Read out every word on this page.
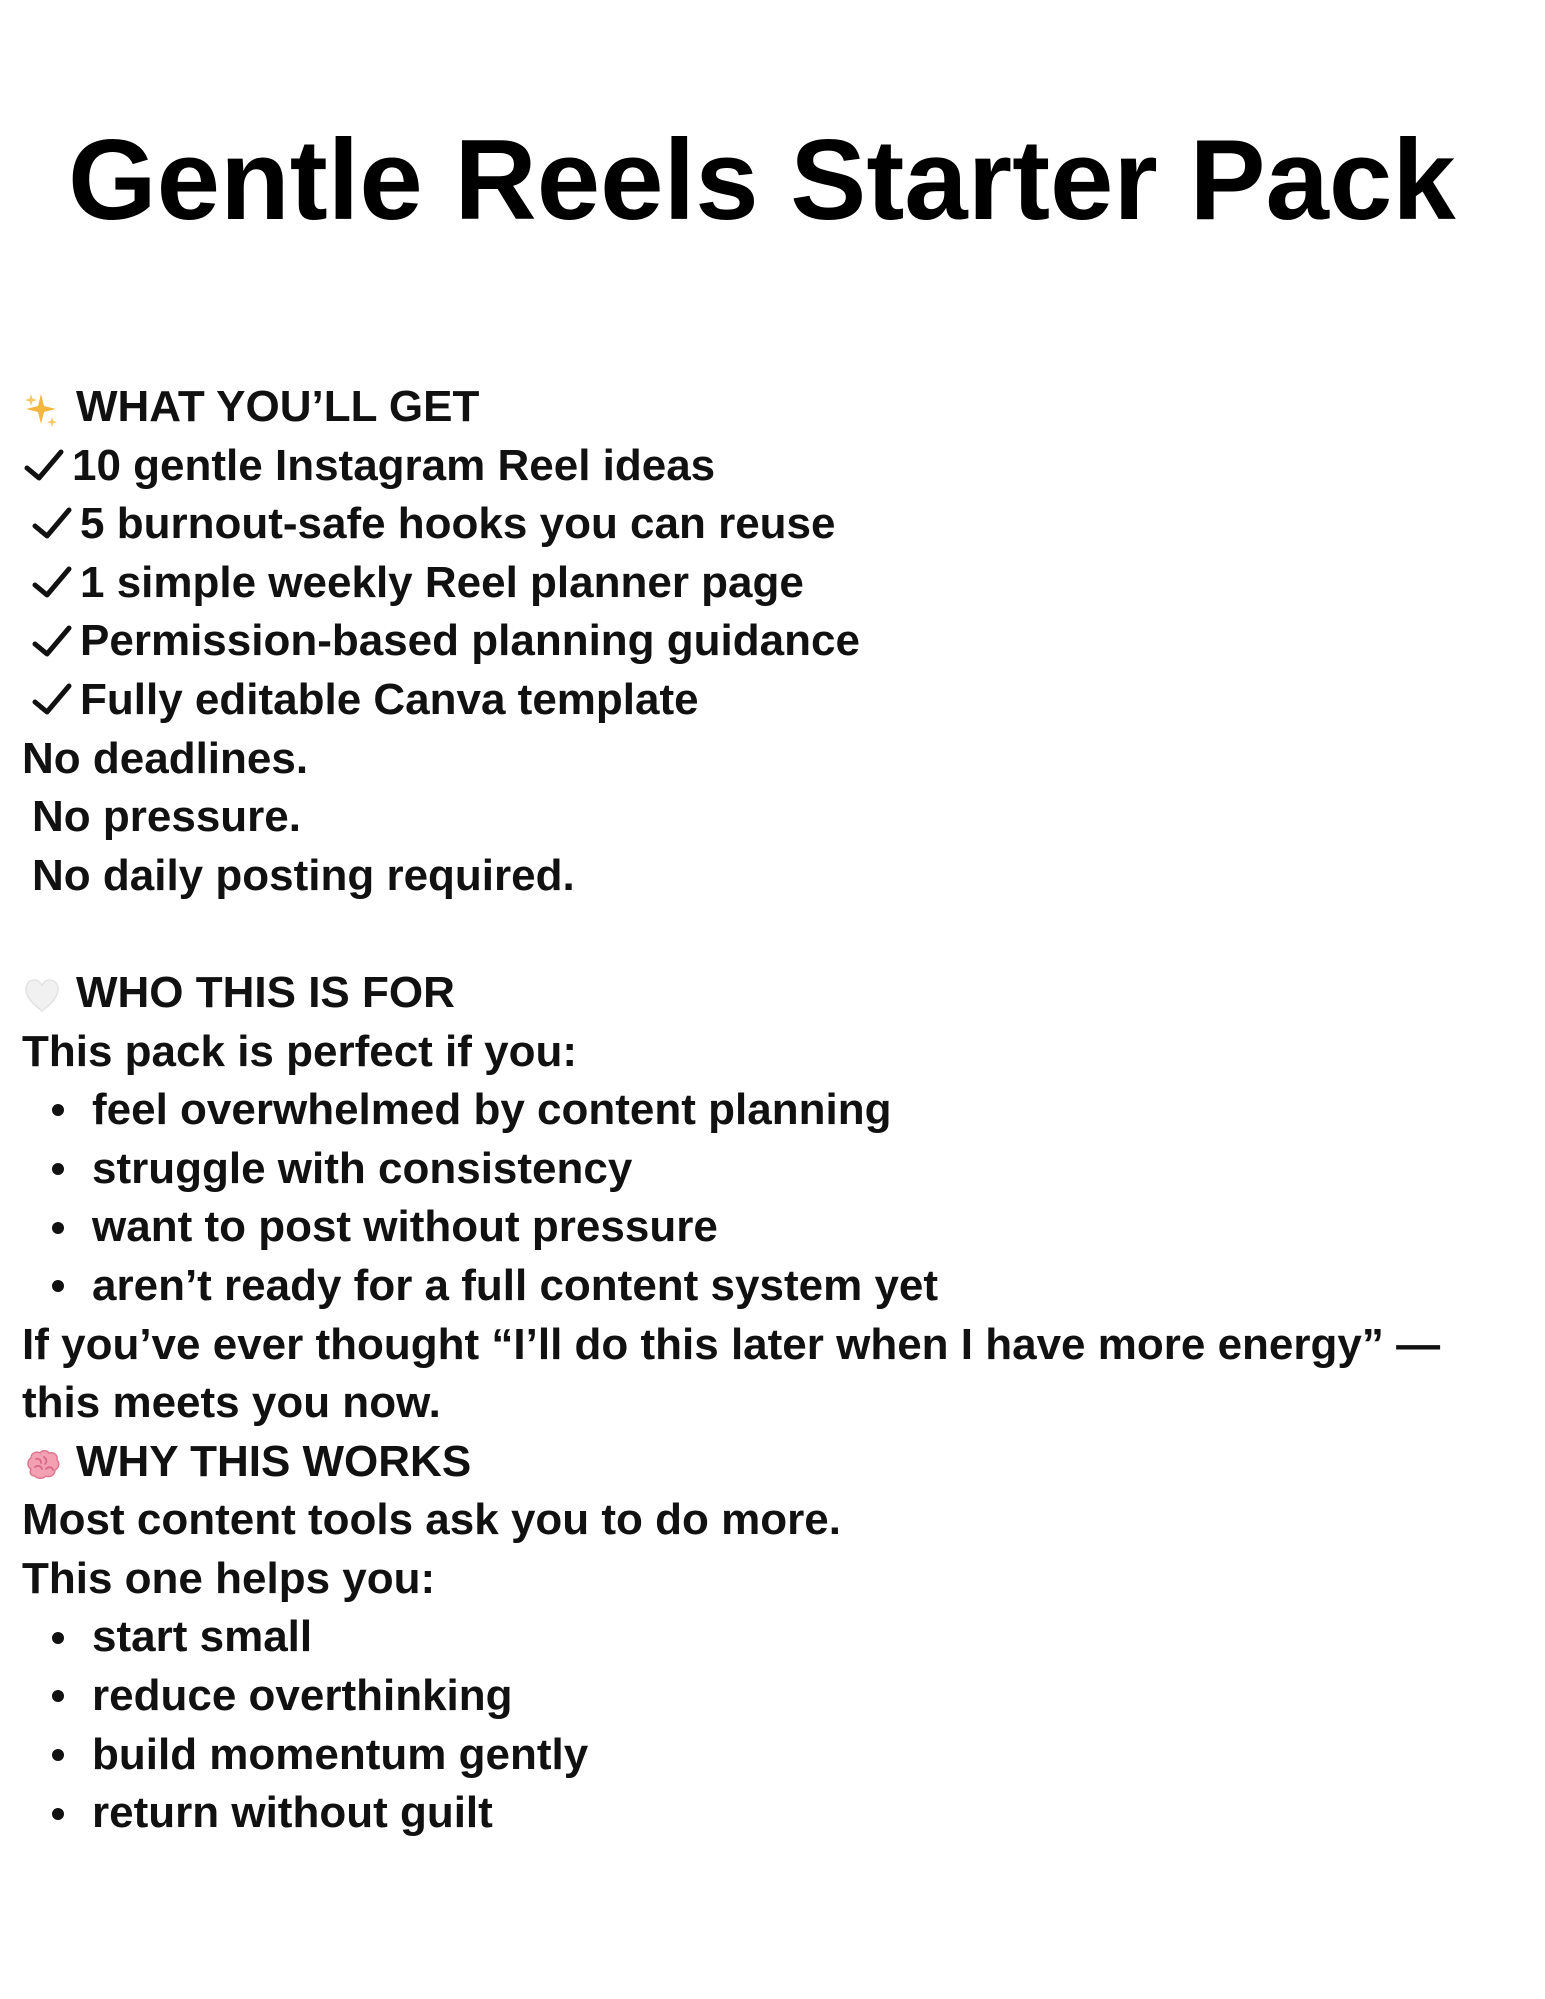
Gentle Reels Starter Pack
WHAT YOU’LL GET
10 gentle Instagram Reel ideas
5 burnout-safe hooks you can reuse
1 simple weekly Reel planner page
Permission-based planning guidance
Fully editable Canva template
No deadlines.
No pressure.
No daily posting required.
WHO THIS IS FOR
This pack is perfect if you:
feel overwhelmed by content planning
struggle with consistency
want to post without pressure
aren’t ready for a full content system yet

If you’ve ever thought “I’ll do this later when I have more energy” — this meets you now.

WHY THIS WORKS
Most content tools ask you to do more.
This one helps you:
start small
reduce overthinking
build momentum gently
return without guilt
